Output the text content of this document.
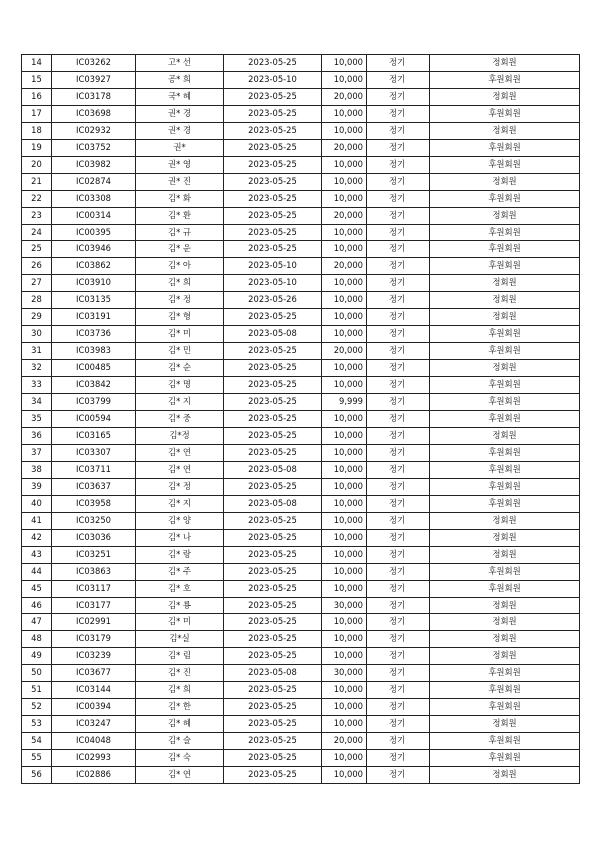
14	IC03262	고* 선	2023-05-25	10,000	정기	정회원
15	IC03927	공* 희	2023-05-10	10,000	정기	후원회원
16	IC03178	국* 혜	2023-05-25	20,000	정기	정회원
17	IC03698	권* 경	2023-05-25	10,000	정기	후원회원
18	IC02932	권* 경	2023-05-25	10,000	정기	정회원
19	IC03752	권*	2023-05-25	20,000	정기	후원회원
20	IC03982	권* 영	2023-05-25	10,000	정기	후원회원
21	IC02874	권* 진	2023-05-25	10,000	정기	정회원
22	IC03308	김* 화	2023-05-25	10,000	정기	후원회원
23	IC00314	김* 환	2023-05-25	20,000	정기	정회원
24	IC00395	김* 규	2023-05-25	10,000	정기	후원회원
25	IC03946	김* 운	2023-05-25	10,000	정기	후원회원
26	IC03862	김* 아	2023-05-10	20,000	정기	후원회원
27	IC03910	김* 희	2023-05-10	10,000	정기	정회원
28	IC03135	김* 정	2023-05-26	10,000	정기	정회원
29	IC03191	김* 형	2023-05-25	10,000	정기	정회원
30	IC03736	김* 미	2023-05-08	10,000	정기	후원회원
31	IC03983	김* 민	2023-05-25	20,000	정기	후원회원
32	IC00485	김* 순	2023-05-25	10,000	정기	정회원
33	IC03842	김* 명	2023-05-25	10,000	정기	후원회원
34	IC03799	김* 지	2023-05-25	9,999	정기	후원회원
35	IC00594	김* 중	2023-05-25	10,000	정기	후원회원
36	IC03165	김*정	2023-05-25	10,000	정기	정회원
37	IC03307	김* 연	2023-05-25	10,000	정기	후원회원
38	IC03711	김* 연	2023-05-08	10,000	정기	후원회원
39	IC03637	김* 정	2023-05-25	10,000	정기	후원회원
40	IC03958	김* 지	2023-05-08	10,000	정기	후원회원
41	IC03250	김* 양	2023-05-25	10,000	정기	정회원
42	IC03036	김* 나	2023-05-25	10,000	정기	정회원
43	IC03251	김* 랑	2023-05-25	10,000	정기	정회원
44	IC03863	김* 주	2023-05-25	10,000	정기	후원회원
45	IC03117	김* 호	2023-05-25	10,000	정기	후원회원
46	IC03177	김* 룡	2023-05-25	30,000	정기	정회원
47	IC02991	김* 미	2023-05-25	10,000	정기	정회원
48	IC03179	김*실	2023-05-25	10,000	정기	정회원
49	IC03239	김* 림	2023-05-25	10,000	정기	정회원
50	IC03677	김* 진	2023-05-08	30,000	정기	후원회원
51	IC03144	김* 희	2023-05-25	10,000	정기	후원회원
52	IC00394	김* 한	2023-05-25	10,000	정기	후원회원
53	IC03247	김* 혜	2023-05-25	10,000	정기	정회원
54	IC04048	김* 슬	2023-05-25	20,000	정기	후원회원
55	IC02993	김* 숙	2023-05-25	10,000	정기	후원회원
56	IC02886	김* 연	2023-05-25	10,000	정기	정회원
